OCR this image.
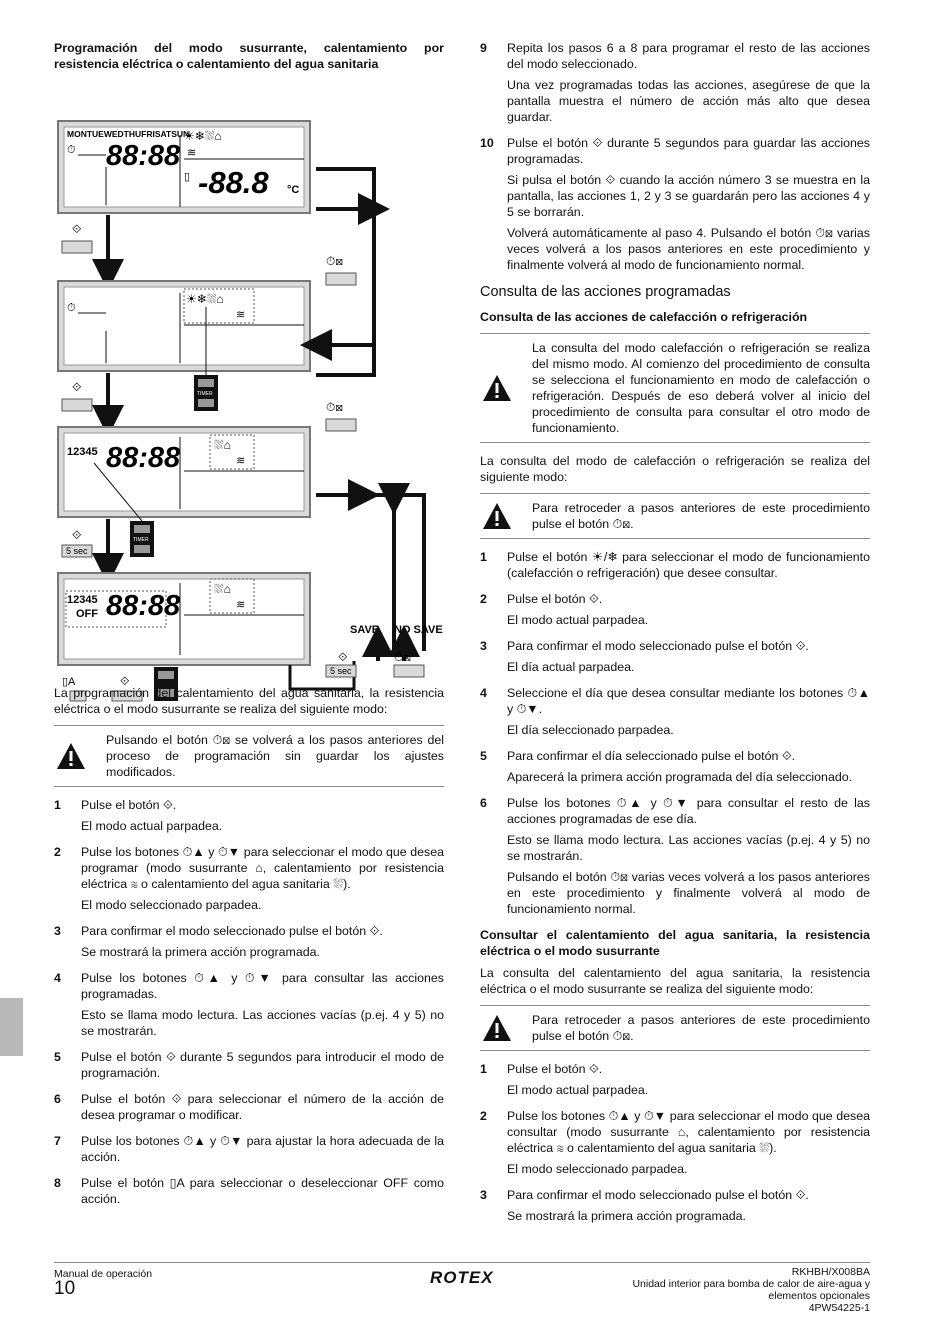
Programación del modo susurrante, calentamiento por resistencia eléctrica o calentamiento del agua sanitaria
MONTUEWEDTHUFRISATSUN
⏱ 88:88
☀❄⛆⌂
≋
▯ -88.8 °C
⟐
⏱⊠
⏱
☀❄⛆⌂
≋
TIMER
⟐
⏱⊠
12345 88:88	⛆⌂
≋
TIMER
⟐
5 sec
12345
OFF 88:88
⛆⌂
≋
▯A	⟐
SAVE NO SAVE
⟐
5 sec
⏱⊠
La programación del calentamiento del agua sanitaria, la resistencia eléctrica o el modo susurrante se realiza del siguiente modo:
Pulsando el botón ⏱⊠ se volverá a los pasos anteriores del proceso de programación sin guardar los ajustes modificados.
1 Pulse el botón ⟐.
El modo actual parpadea.
2 Pulse los botones ⏱▲ y ⏱▼ para seleccionar el modo que desea programar (modo susurrante ⌂, calentamiento por resistencia eléctrica ≋ o calentamiento del agua sanitaria ⛆).
El modo seleccionado parpadea.
3 Para confirmar el modo seleccionado pulse el botón ⟐.
Se mostrará la primera acción programada.
4 Pulse los botones ⏱▲ y ⏱▼ para consultar las acciones programadas.
Esto se llama modo lectura. Las acciones vacías (p.ej. 4 y 5) no se mostrarán.
5 Pulse el botón ⟐ durante 5 segundos para introducir el modo de programación.
6 Pulse el botón ⟐ para seleccionar el número de la acción de desea programar o modificar.
7 Pulse los botones ⏱▲ y ⏱▼ para ajustar la hora adecuada de la acción.
8 Pulse el botón ▯A para seleccionar o deseleccionar OFF como acción.
9 Repita los pasos 6 a 8 para programar el resto de las acciones del modo seleccionado.
Una vez programadas todas las acciones, asegúrese de que la pantalla muestra el número de acción más alto que desea guardar.
10 Pulse el botón ⟐ durante 5 segundos para guardar las acciones programadas.
Si pulsa el botón ⟐ cuando la acción número 3 se muestra en la pantalla, las acciones 1, 2 y 3 se guardarán pero las acciones 4 y 5 se borrarán.
Volverá automáticamente al paso 4. Pulsando el botón ⏱⊠ varias veces volverá a los pasos anteriores en este procedimiento y finalmente volverá al modo de funcionamiento normal.
Consulta de las acciones programadas
Consulta de las acciones de calefacción o refrigeración
La consulta del modo calefacción o refrigeración se realiza del mismo modo. Al comienzo del procedimiento de consulta se selecciona el funcionamiento en modo de calefacción o refrigeración. Después de eso deberá volver al inicio del procedimiento de consulta para consultar el otro modo de funcionamiento.
La consulta del modo de calefacción o refrigeración se realiza del siguiente modo:
Para retroceder a pasos anteriores de este procedimiento pulse el botón ⏱⊠.
1 Pulse el botón ☀/❄ para seleccionar el modo de funcionamiento (calefacción o refrigeración) que desee consultar.
2 Pulse el botón ⟐.
El modo actual parpadea.
3 Para confirmar el modo seleccionado pulse el botón ⟐.
El día actual parpadea.
4 Seleccione el día que desea consultar mediante los botones ⏱▲ y ⏱▼.
El día seleccionado parpadea.
5 Para confirmar el día seleccionado pulse el botón ⟐.
Aparecerá la primera acción programada del día seleccionado.
6 Pulse los botones ⏱▲ y ⏱▼ para consultar el resto de las acciones programadas de ese día.
Esto se llama modo lectura. Las acciones vacías (p.ej. 4 y 5) no se mostrarán.
Pulsando el botón ⏱⊠ varias veces volverá a los pasos anteriores en este procedimiento y finalmente volverá al modo de funcionamiento normal.
Consultar el calentamiento del agua sanitaria, la resistencia eléctrica o el modo susurrante
La consulta del calentamiento del agua sanitaria, la resistencia eléctrica o el modo susurrante se realiza del siguiente modo:
Para retroceder a pasos anteriores de este procedimiento pulse el botón ⏱⊠.
1 Pulse el botón ⟐.
El modo actual parpadea.
2 Pulse los botones ⏱▲ y ⏱▼ para seleccionar el modo que desea consultar (modo susurrante ⌂, calentamiento por resistencia eléctrica ≋ o calentamiento del agua sanitaria ⛆).
El modo seleccionado parpadea.
3 Para confirmar el modo seleccionado pulse el botón ⟐.
Se mostrará la primera acción programada.
Manual de operación
10
ROTEX	RKHBH/X008BA
Unidad interior para bomba de calor de aire-agua y
elementos opcionales
4PW54225-1
